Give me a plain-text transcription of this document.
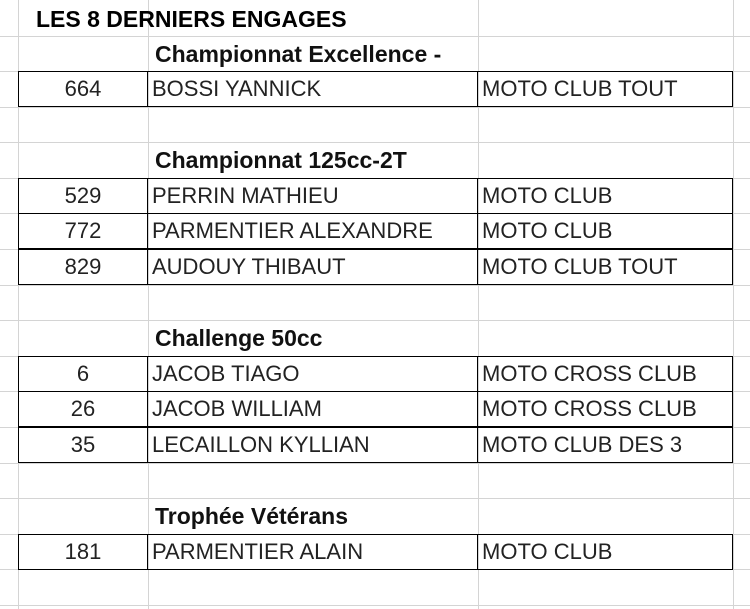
LES 8 DERNIERS ENGAGES
Championnat Excellence -
664	BOSSI YANNICK	MOTO CLUB TOUT
Championnat 125cc-2T
529	PERRIN MATHIEU	MOTO CLUB
772	PARMENTIER ALEXANDRE	MOTO CLUB
829	AUDOUY THIBAUT	MOTO CLUB TOUT
Challenge 50cc
6	JACOB TIAGO	MOTO CROSS CLUB
26	JACOB WILLIAM	MOTO CROSS CLUB
35	LECAILLON KYLLIAN	MOTO CLUB DES 3
Trophée Vétérans
181	PARMENTIER ALAIN	MOTO CLUB
